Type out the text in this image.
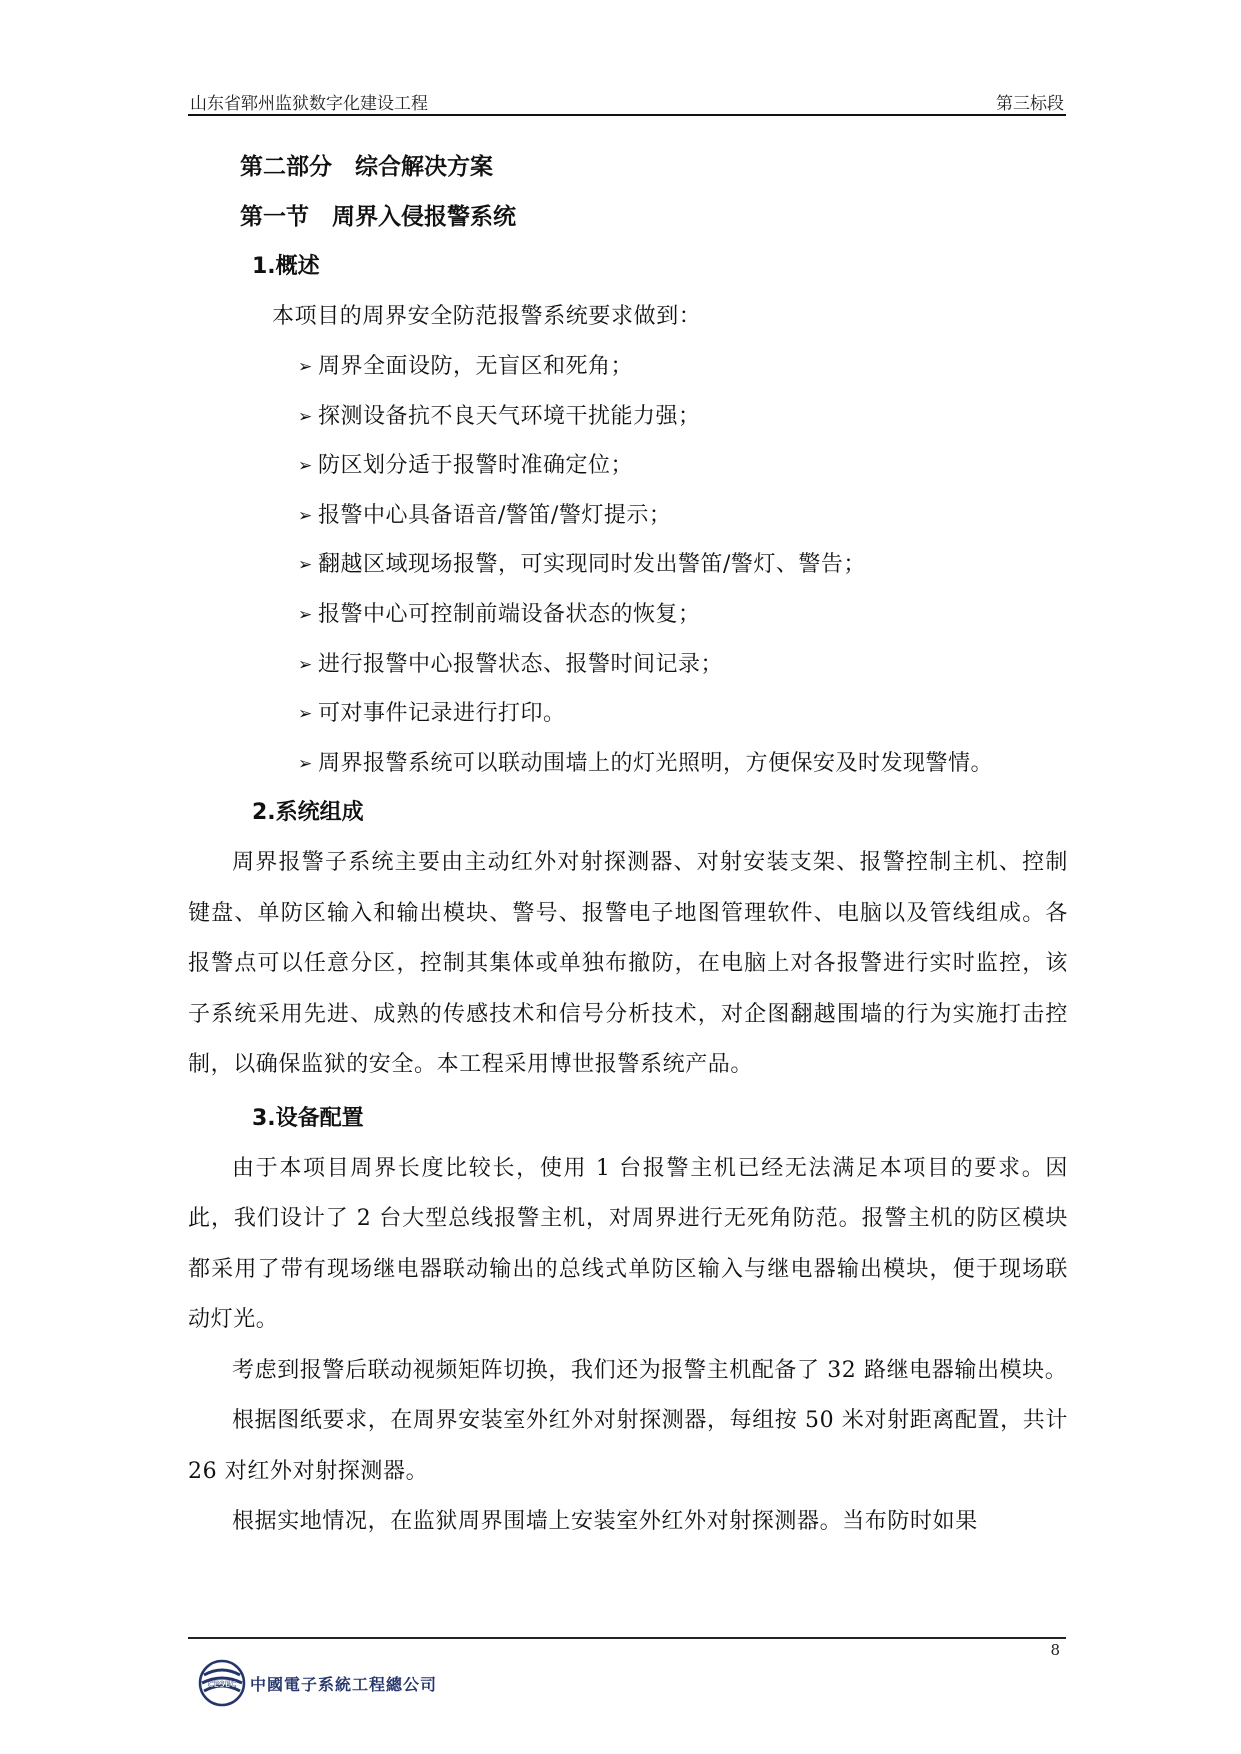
山东省郓州监狱数字化建设工程	第三标段
第二部分　综合解决方案
第一节　周界入侵报警系统
1.概述
本项目的周界安全防范报警系统要求做到：
➢ 周界全面设防，无盲区和死角；
➢ 探测设备抗不良天气环境干扰能力强；
➢ 防区划分适于报警时准确定位；
➢ 报警中心具备语音/警笛/警灯提示；
➢ 翻越区域现场报警，可实现同时发出警笛/警灯、警告；
➢ 报警中心可控制前端设备状态的恢复；
➢ 进行报警中心报警状态、报警时间记录；
➢ 可对事件记录进行打印。
➢ 周界报警系统可以联动围墙上的灯光照明，方便保安及时发现警情。
2.系统组成
周界报警子系统主要由主动红外对射探测器、对射安装支架、报警控制主机、控制键盘、单防区输入和输出模块、警号、报警电子地图管理软件、电脑以及管线组成。各报警点可以任意分区，控制其集体或单独布撤防，在电脑上对各报警进行实时监控，该子系统采用先进、成熟的传感技术和信号分析技术，对企图翻越围墙的行为实施打击控制，以确保监狱的安全。本工程采用博世报警系统产品。
3.设备配置
由于本项目周界长度比较长，使用 1 台报警主机已经无法满足本项目的要求。因此，我们设计了 2 台大型总线报警主机，对周界进行无死角防范。报警主机的防区模块都采用了带有现场继电器联动输出的总线式单防区输入与继电器输出模块，便于现场联动灯光。
考虑到报警后联动视频矩阵切换，我们还为报警主机配备了 32 路继电器输出模块。
根据图纸要求，在周界安装室外红外对射探测器，每组按 50 米对射距离配置，共计 26 对红外对射探测器。
根据实地情况，在监狱周界围墙上安装室外红外对射探测器。当布防时如果
8
CESEC 中國電子系統工程總公司
